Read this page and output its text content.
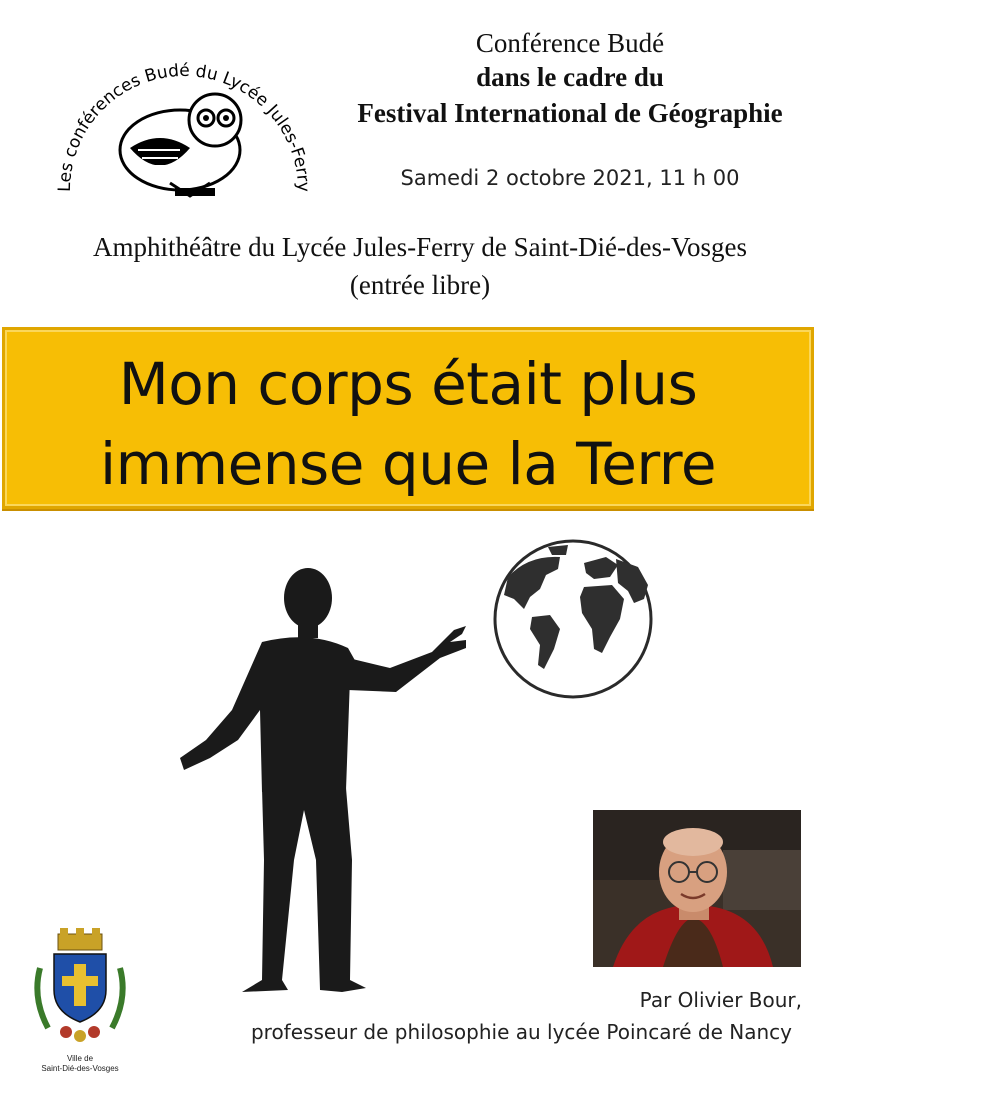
Les conférences Budé du Lycée Jules-Ferry
Conférence Budé
dans le cadre du
Festival International de Géographie
Samedi 2 octobre 2021, 11 h 00
Amphithéâtre du Lycée Jules-Ferry de Saint-Dié-des-Vosges
(entrée libre)
Mon corps était plus
immense que la Terre
Ville de
Saint-Dié-des-Vosges
Par Olivier Bour,
professeur de philosophie au lycée Poincaré de Nancy
